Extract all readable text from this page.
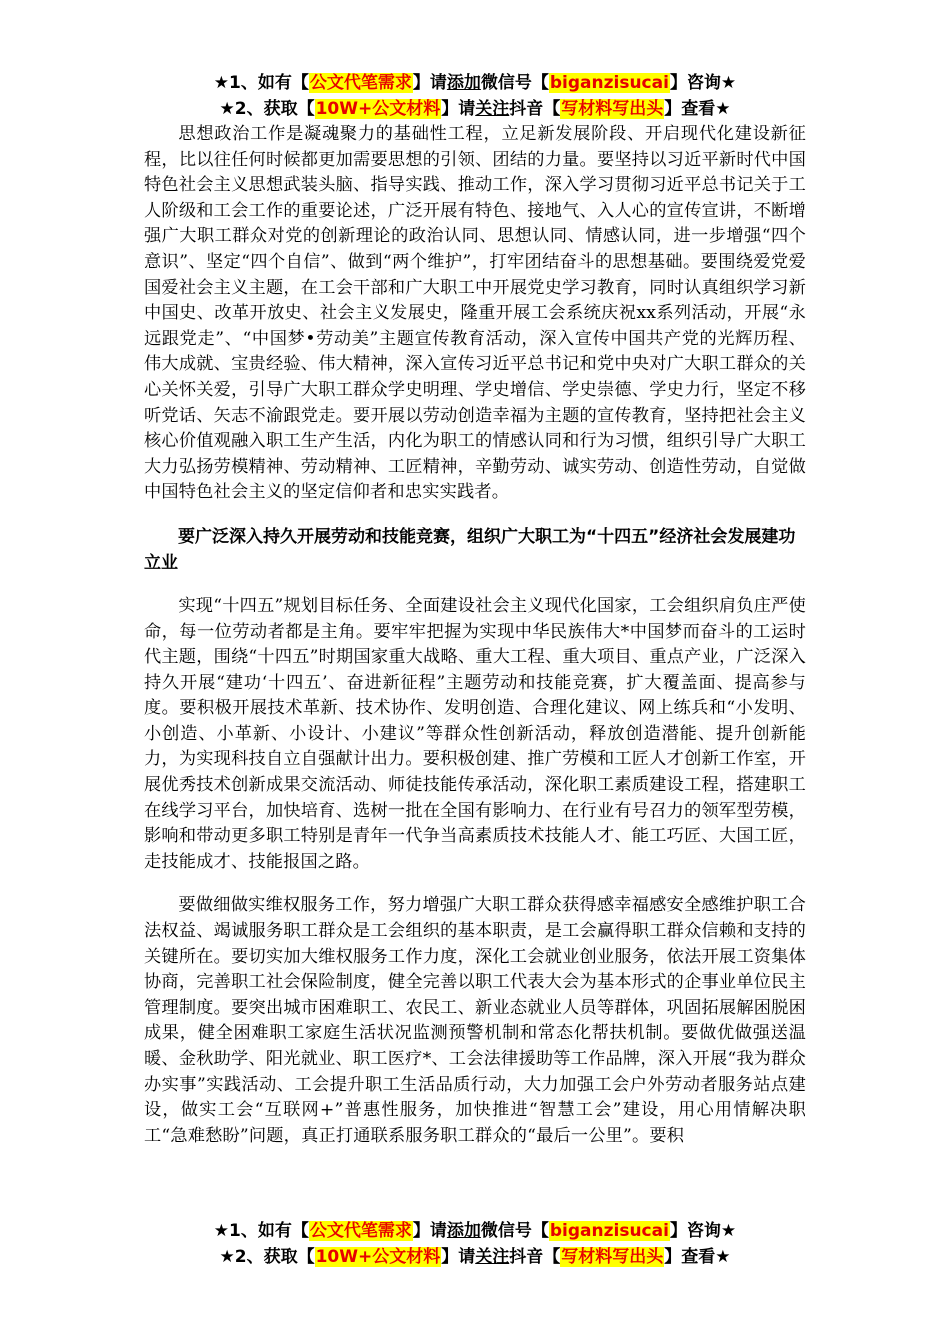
★1、如有【公文代笔需求】请添加微信号【biganzisucai】咨询★
★2、获取【10W+公文材料】请关注抖音【写材料写出头】查看★

思想政治工作是凝魂聚力的基础性工程，立足新发展阶段、开启现代化建设新征程，比以往任何时候都更加需要思想的引领、团结的力量。要坚持以习近平新时代中国特色社会主义思想武装头脑、指导实践、推动工作，深入学习贯彻习近平总书记关于工人阶级和工会工作的重要论述，广泛开展有特色、接地气、入人心的宣传宣讲，不断增强广大职工群众对党的创新理论的政治认同、思想认同、情感认同，进一步增强“四个意识”、坚定“四个自信”、做到“两个维护”，打牢团结奋斗的思想基础。要围绕爱党爱国爱社会主义主题，在工会干部和广大职工中开展党史学习教育，同时认真组织学习新中国史、改革开放史、社会主义发展史，隆重开展工会系统庆祝xx系列活动，开展“永远跟党走”、“中国梦•劳动美”主题宣传教育活动，深入宣传中国共产党的光辉历程、伟大成就、宝贵经验、伟大精神，深入宣传习近平总书记和党中央对广大职工群众的关心关怀关爱，引导广大职工群众学史明理、学史增信、学史崇德、学史力行，坚定不移听党话、矢志不渝跟党走。要开展以劳动创造幸福为主题的宣传教育，坚持把社会主义核心价值观融入职工生产生活，内化为职工的情感认同和行为习惯，组织引导广大职工大力弘扬劳模精神、劳动精神、工匠精神，辛勤劳动、诚实劳动、创造性劳动，自觉做中国特色社会主义的坚定信仰者和忠实实践者。

要广泛深入持久开展劳动和技能竞赛，组织广大职工为“十四五”经济社会发展建功立业

实现“十四五”规划目标任务、全面建设社会主义现代化国家，工会组织肩负庄严使命，每一位劳动者都是主角。要牢牢把握为实现中华民族伟大*中国梦而奋斗的工运时代主题，围绕“十四五”时期国家重大战略、重大工程、重大项目、重点产业，广泛深入持久开展“建功‘十四五’、奋进新征程”主题劳动和技能竞赛，扩大覆盖面、提高参与度。要积极开展技术革新、技术协作、发明创造、合理化建议、网上练兵和“小发明、小创造、小革新、小设计、小建议”等群众性创新活动，释放创造潜能、提升创新能力，为实现科技自立自强献计出力。要积极创建、推广劳模和工匠人才创新工作室，开展优秀技术创新成果交流活动、师徒技能传承活动，深化职工素质建设工程，搭建职工在线学习平台，加快培育、选树一批在全国有影响力、在行业有号召力的领军型劳模，影响和带动更多职工特别是青年一代争当高素质技术技能人才、能工巧匠、大国工匠，走技能成才、技能报国之路。

要做细做实维权服务工作，努力增强广大职工群众获得感幸福感安全感维护职工合法权益、竭诚服务职工群众是工会组织的基本职责，是工会赢得职工群众信赖和支持的关键所在。要切实加大维权服务工作力度，深化工会就业创业服务，依法开展工资集体协商，完善职工社会保险制度，健全完善以职工代表大会为基本形式的企事业单位民主管理制度。要突出城市困难职工、农民工、新业态就业人员等群体，巩固拓展解困脱困成果，健全困难职工家庭生活状况监测预警机制和常态化帮扶机制。要做优做强送温暖、金秋助学、阳光就业、职工医疗*、工会法律援助等工作品牌，深入开展“我为群众办实事”实践活动、工会提升职工生活品质行动，大力加强工会户外劳动者服务站点建设，做实工会“互联网+”普惠性服务，加快推进“智慧工会”建设，用心用情解决职工“急难愁盼”问题，真正打通联系服务职工群众的“最后一公里”。要积

★1、如有【公文代笔需求】请添加微信号【biganzisucai】咨询★
★2、获取【10W+公文材料】请关注抖音【写材料写出头】查看★
